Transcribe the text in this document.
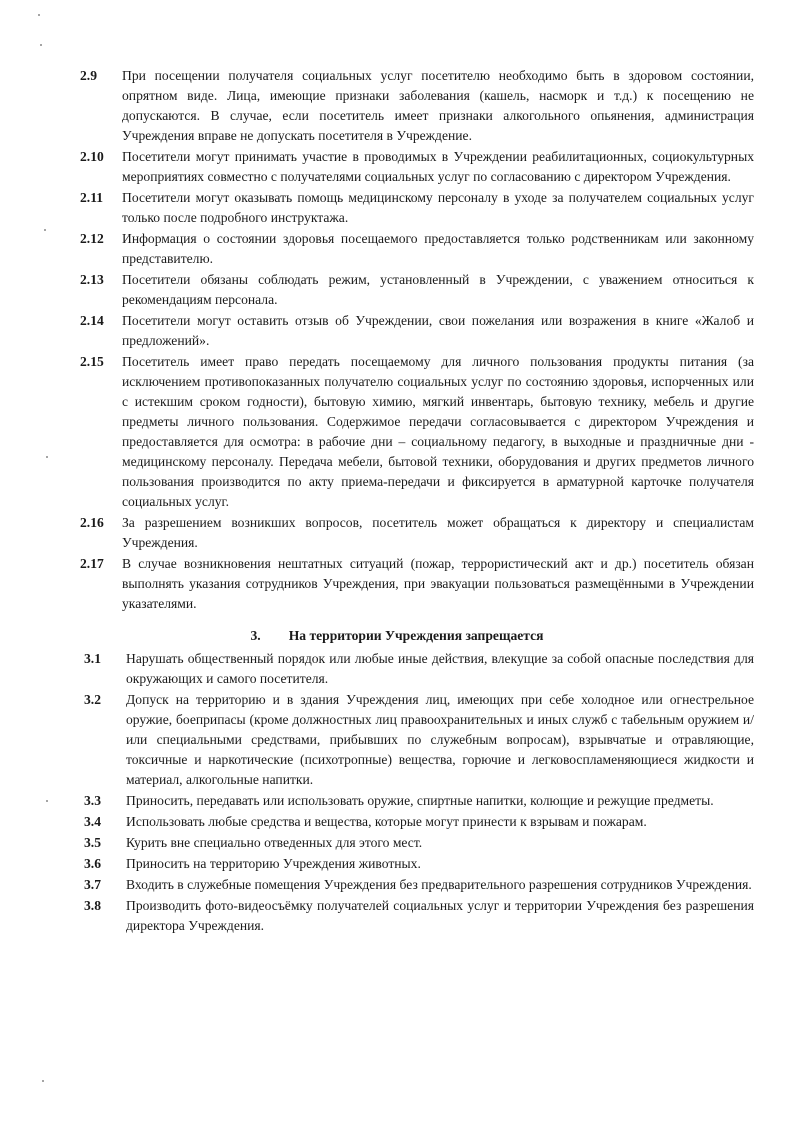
2.9	При посещении получателя социальных услуг посетителю необходимо быть в здоровом состоянии, опрятном виде. Лица, имеющие признаки заболевания (кашель, насморк и т.д.) к посещению не допускаются. В случае, если посетитель имеет признаки алкогольного опьянения, администрация Учреждения вправе не допускать посетителя в Учреждение.
2.10	Посетители могут принимать участие в проводимых в Учреждении реабилитационных, социокультурных мероприятиях совместно с получателями социальных услуг по согласованию с директором Учреждения.
2.11	Посетители могут оказывать помощь медицинскому персоналу в уходе за получателем социальных услуг только после подробного инструктажа.
2.12	Информация о состоянии здоровья посещаемого предоставляется только родственникам или законному представителю.
2.13	Посетители обязаны соблюдать режим, установленный в Учреждении, с уважением относиться к рекомендациям персонала.
2.14	Посетители могут оставить отзыв об Учреждении, свои пожелания или возражения в книге «Жалоб и предложений».
2.15	Посетитель имеет право передать посещаемому для личного пользования продукты питания (за исключением противопоказанных получателю социальных услуг по состоянию здоровья, испорченных или с истекшим сроком годности), бытовую химию, мягкий инвентарь, бытовую технику, мебель и другие предметы личного пользования. Содержимое передачи согласовывается с директором Учреждения и предоставляется для осмотра: в рабочие дни – социальному педагогу, в выходные и праздничные дни - медицинскому персоналу. Передача мебели, бытовой техники, оборудования и других предметов личного пользования производится по акту приема-передачи и фиксируется в арматурной карточке получателя социальных услуг.
2.16	За разрешением возникших вопросов, посетитель может обращаться к директору и специалистам Учреждения.
2.17	В случае возникновения нештатных ситуаций (пожар, террористический акт и др.) посетитель обязан выполнять указания сотрудников Учреждения, при эвакуации пользоваться размещёнными в Учреждении указателями.
3. На территории Учреждения запрещается
3.1	Нарушать общественный порядок или любые иные действия, влекущие за собой опасные последствия для окружающих и самого посетителя.
3.2	Допуск на территорию и в здания Учреждения лиц, имеющих при себе холодное или огнестрельное оружие, боеприпасы (кроме должностных лиц правоохранительных и иных служб с табельным оружием и/или специальными средствами, прибывших по служебным вопросам), взрывчатые и отравляющие, токсичные и наркотические (психотропные) вещества, горючие и легковоспламеняющиеся жидкости и материал, алкогольные напитки.
3.3	Приносить, передавать или использовать оружие, спиртные напитки, колющие и режущие предметы.
3.4	Использовать любые средства и вещества, которые могут принести к взрывам и пожарам.
3.5	Курить вне специально отведенных для этого мест.
3.6	Приносить на территорию Учреждения животных.
3.7	Входить в служебные помещения Учреждения без предварительного разрешения сотрудников Учреждения.
3.8	Производить фото-видеосъёмку получателей социальных услуг и территории Учреждения без разрешения директора Учреждения.
